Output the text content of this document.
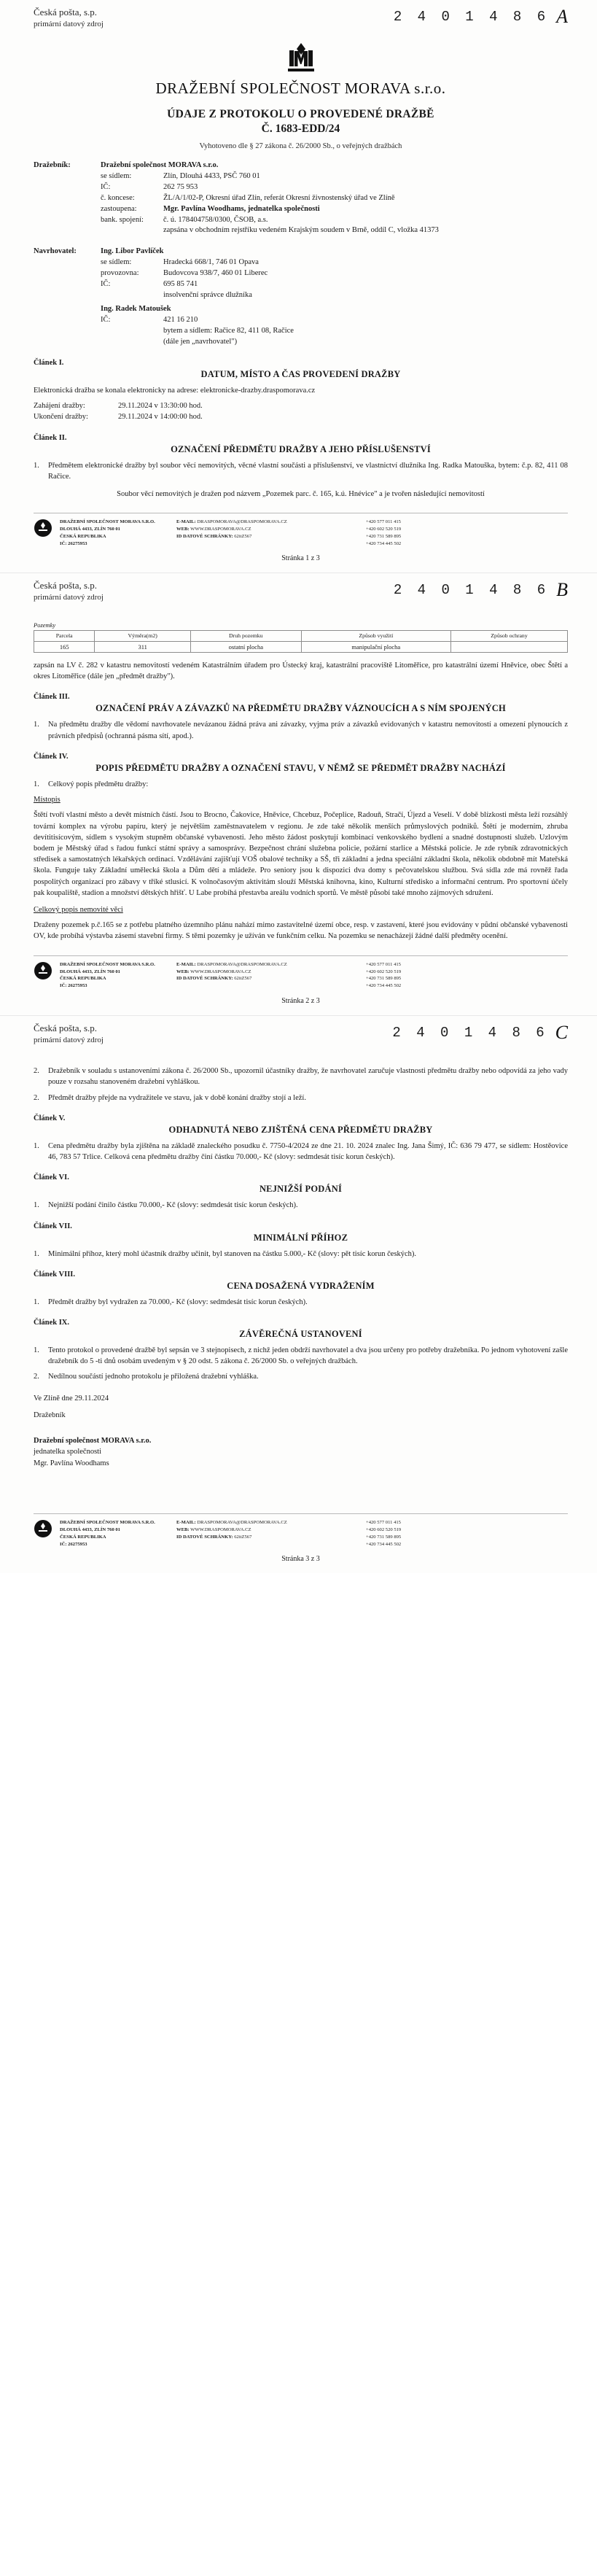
Česká pošta, s.p.
primární datový zdroj	2 4 0 1 4 8 6 A
DRAŽEBNÍ SPOLEČNOST MORAVA s.r.o.
ÚDAJE Z PROTOKOLU O PROVEDENÉ DRAŽBĚ
Č. 1683-EDD/24
Vyhotoveno dle § 27 zákona č. 26/2000 Sb., o veřejných dražbách
Dražebník:	Dražební společnost MORAVA s.r.o.
se sídlem:	Zlín, Dlouhá 4433, PSČ 760 01
IČ:	262 75 953
č. koncese:	ŽL/A/1/02-P, Okresní úřad Zlín, referát Okresní živnostenský úřad ve Zlíně
zastoupena:	Mgr. Pavlína Woodhams, jednatelka společnosti
bank. spojení:	č. ú. 178404758/0300, ČSOB, a.s.
zapsána v obchodním rejstříku vedeném Krajským soudem v Brně, oddíl C, vložka 41373
Navrhovatel:	Ing. Libor Pavlíček
se sídlem:	Hradecká 668/1, 746 01 Opava
provozovna:	Budovcova 938/7, 460 01 Liberec
IČ:	695 85 741
insolvenční správce dlužníka
Ing. Radek Matoušek
IČ:	421 16 210
bytem a sídlem: Račice 82, 411 08, Račice
(dále jen „navrhovatel")
Článek I.
DATUM, MÍSTO A ČAS PROVEDENÍ DRAŽBY

Elektronická dražba se konala elektronicky na adrese: elektronicke-drazby.draspomorava.cz

Zahájení dražby:	29.11.2024 v 13:30:00 hod.
Ukončení dražby:	29.11.2024 v 14:00:00 hod.
Článek II.
OZNAČENÍ PŘEDMĚTU DRAŽBY A JEHO PŘÍSLUŠENSTVÍ
1.	Předmětem elektronické dražby byl soubor věcí nemovitých, věcné vlastní součásti a příslušenství, ve vlastnictví dlužníka Ing. Radka Matouška, bytem: č.p. 82, 411 08 Račice.
Soubor věcí nemovitých je dražen pod názvem „Pozemek parc. č. 165, k.ú. Hnévice" a je tvořen následující nemovitostí
DRAŽEBNÍ SPOLEČNOST MORAVA S.R.O.
DLOUHÁ 4433, ZLÍN 760 01
ČESKÁ REPUBLIKA
IČ: 26275953
E-MAIL: DRASPOMORAVA@DRASPOMORAVA.CZ
WEB: WWW.DRASPOMORAVA.CZ
ID DATOVÉ SCHRÁNKY: 62itZ567
+420 577 011 415
+420 602 520 519
+420 731 589 895
+420 734 445 502
Stránka 1 z 3
Česká pošta, s.p.
primární datový zdroj	2 4 0 1 4 8 6 B
Pozemky
Parcela	Výměra(m2)	Druh pozemku	Způsob využití	Způsob ochrany
165	311	ostatní plocha	manipulační plocha	

zapsán na LV č. 282 v katastru nemovitostí vedeném Katastrálním úřadem pro Ústecký kraj, katastrální pracoviště Litoměřice, pro katastrální území Hněvice, obec Štětí a okres Litoměřice (dále jen „předmět dražby").

Článek III.
OZNAČENÍ PRÁV A ZÁVAZKŮ NA PŘEDMĚTU DRAŽBY VÁZNOUCÍCH A S NÍM SPOJENÝCH
1.	Na předmětu dražby dle vědomí navrhovatele nevázanou žádná práva ani závazky, vyjma práv a závazků evidovaných v katastru nemovitostí a omezení plynoucích z právních předpisů (ochranná pásma sítí, apod.).
Článek IV.
POPIS PŘEDMĚTU DRAŽBY A OZNAČENÍ STAVU, V NĚMŽ SE PŘEDMĚT DRAŽBY NACHÁZÍ
1.	Celkový popis předmětu dražby:

Místopis

Štětí tvoří vlastní město a devět místních částí. Jsou to Brocno, Čakovice, Hněvice, Chcebuz, Počeplice, Radouň, Stračí, Újezd a Veselí. V době blízkosti města leží rozsáhlý tovární komplex na výrobu papíru, který je největším zaměstnavatelem v regionu. Je zde také několik menších průmyslových podniků. Štětí je moderním, zhruba devítitisícovým, sídlem s vysokým stupněm občanské vybavenosti. Jeho město žádost poskytují kombinací venkovského bydlení a snadné dostupnosti služeb. Uzlovým bodem je Městský úřad s řadou funkcí státní správy a samosprávy. Bezpečnost chrání služebna policie, požární starlice a Městská policie. Je zde rybník zdravotnických středisek a samostatných lékařských ordinací. Vzdělávání zajišťují VOŠ obalové techniky a SŠ, tři základní a jedna speciální základní škola, několik obdobně mít Mateřská škola. Funguje taky Základní umělecká škola a Dům dětí a mládeže. Pro seniory jsou k dispozici dva domy s pečovatelskou službou. Svá sídla zde má rovněž řada pospolitých organizací pro zábavy v tříké stlusicí. K volnočasovým aktivitám slouží Městská knihovna, kino, Kulturní středisko a informační centrum. Pro sportovní účely pak koupaliště, stadion a množství dětských hřišť. U Labe probíhá přestavba areálu vodních sportů. Ve městě působí také mnoho zájmových sdružení.

Celkový popis nemovité věci

Draženy pozemek p.č.165 se z potřebu platného územního plánu nahází mimo zastavitelné území obce, resp. v zastavení, které jsou evidovány v půdní občanské vybavenosti OV, kde probíhá výstavba zásemí stavební firmy. S těmi pozemky je užíván ve funkčním celku. Na pozemku se nenacházejí žádné další předměty ocenění.

DRAŽEBNÍ SPOLEČNOST MORAVA S.R.O.
DLOUHÁ 4433, ZLÍN 760 01
ČESKÁ REPUBLIKA
IČ: 26275953
E-MAIL: DRASPOMORAVA@DRASPOMORAVA.CZ
WEB: WWW.DRASPOMORAVA.CZ
ID DATOVÉ SCHRÁNKY: 62itZ567
+420 577 011 415
+420 602 520 519
+420 731 589 895
+420 734 445 502
Stránka 2 z 3
Česká pošta, s.p.
primární datový zdroj	2 4 0 1 4 8 6 C
2.	Dražebník v souladu s ustanoveními zákona č. 26/2000 Sb., upozornil účastníky dražby, že navrhovatel zaručuje vlastnosti předmětu dražby nebo odpovídá za jeho vady pouze v rozsahu stanoveném dražební vyhláškou.
2.	Předmět dražby přejde na vydražitele ve stavu, jak v době konání dražby stojí a leží.
Článek V.
ODHADNUTÁ NEBO ZJIŠTĚNÁ CENA PŘEDMĚTU DRAŽBY
1.	Cena předmětu dražby byla zjištěna na základě znaleckého posudku č. 7750-4/2024 ze dne 21. 10. 2024 znalec Ing. Jana Šimý, IČ: 636 79 477, se sídlem: Hostěovice 46, 783 57 Trlice. Celková cena předmětu dražby činí částku 70.000,- Kč (slovy: sedmdesát tisíc korun českých).
Článek VI.
NEJNIŽŠÍ PODÁNÍ
1.	Nejnižší podání činilo částku 70.000,- Kč (slovy: sedmdesát tisíc korun českých).
Článek VII.
MINIMÁLNÍ PŘÍHOZ
1.	Minimální příhoz, který mohl účastník dražby učinit, byl stanoven na částku 5.000,- Kč (slovy: pět tisíc korun českých).
Článek VIII.
CENA DOSAŽENÁ VYDRAŽENÍM
1.	Předmět dražby byl vydražen za 70.000,- Kč (slovy: sedmdesát tisíc korun českých).
Článek IX.
ZÁVĚREČNÁ USTANOVENÍ
1.	Tento protokol o provedené dražbě byl sepsán ve 3 stejnopisech, z nichž jeden obdrží navrhovatel a dva jsou určeny pro potřeby dražebníka. Po jednom vyhotovení zašle dražebník do 5 -ti dnů osobám uvedeným v § 20 odst. 5 zákona č. 26/2000 Sb. o veřejných dražbách.
2.	Nedílnou součástí jednoho protokolu je přiložená dražební vyhláška.
Ve Zlíně dne 29.11.2024
Dražebník
Dražební společnost MORAVA s.r.o.
jednatelka společnosti
Mgr. Pavlína Woodhams
DRAŽEBNÍ SPOLEČNOST MORAVA S.R.O.
DLOUHÁ 4433, ZLÍN 760 01
ČESKÁ REPUBLIKA
IČ: 26275953
E-MAIL: DRASPOMORAVA@DRASPOMORAVA.CZ
WEB: WWW.DRASPOMORAVA.CZ
ID DATOVÉ SCHRÁNKY: 62itZ567
+420 577 011 415
+420 602 520 519
+420 731 589 895
+420 734 445 502
Stránka 3 z 3
